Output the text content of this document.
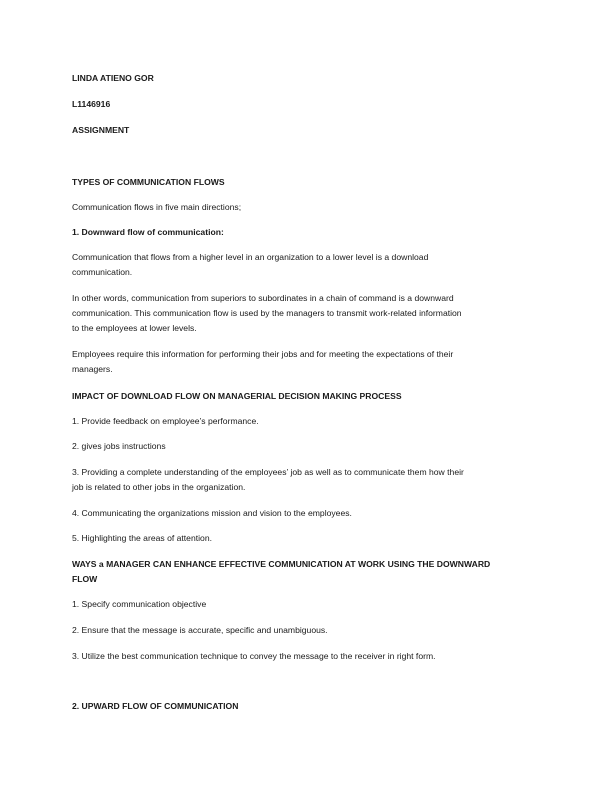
LINDA ATIENO GOR
L1146916
ASSIGNMENT
TYPES OF COMMUNICATION FLOWS
Communication flows in five main directions;
1. Downward flow of communication:
Communication that flows from a higher level in an organization to a lower level is a download
communication.
In other words, communication from superiors to subordinates in a chain of command is a downward
communication. This communication flow is used by the managers to transmit work-related information
to the employees at lower levels.
Employees require this information for performing their jobs and for meeting the expectations of their
managers.
IMPACT OF DOWNLOAD FLOW ON MANAGERIAL DECISION MAKING PROCESS
1. Provide feedback on employee’s performance.
2. gives jobs instructions
3. Providing a complete understanding of the employees’ job as well as to communicate them how their
job is related to other jobs in the organization.
4. Communicating the organizations mission and vision to the employees.
5. Highlighting the areas of attention.
WAYS a MANAGER CAN ENHANCE EFFECTIVE COMMUNICATION AT WORK USING THE DOWNWARD
FLOW
1. Specify communication objective
2. Ensure that the message is accurate, specific and unambiguous.
3. Utilize the best communication technique to convey the message to the receiver in right form.
2. UPWARD FLOW OF COMMUNICATION
